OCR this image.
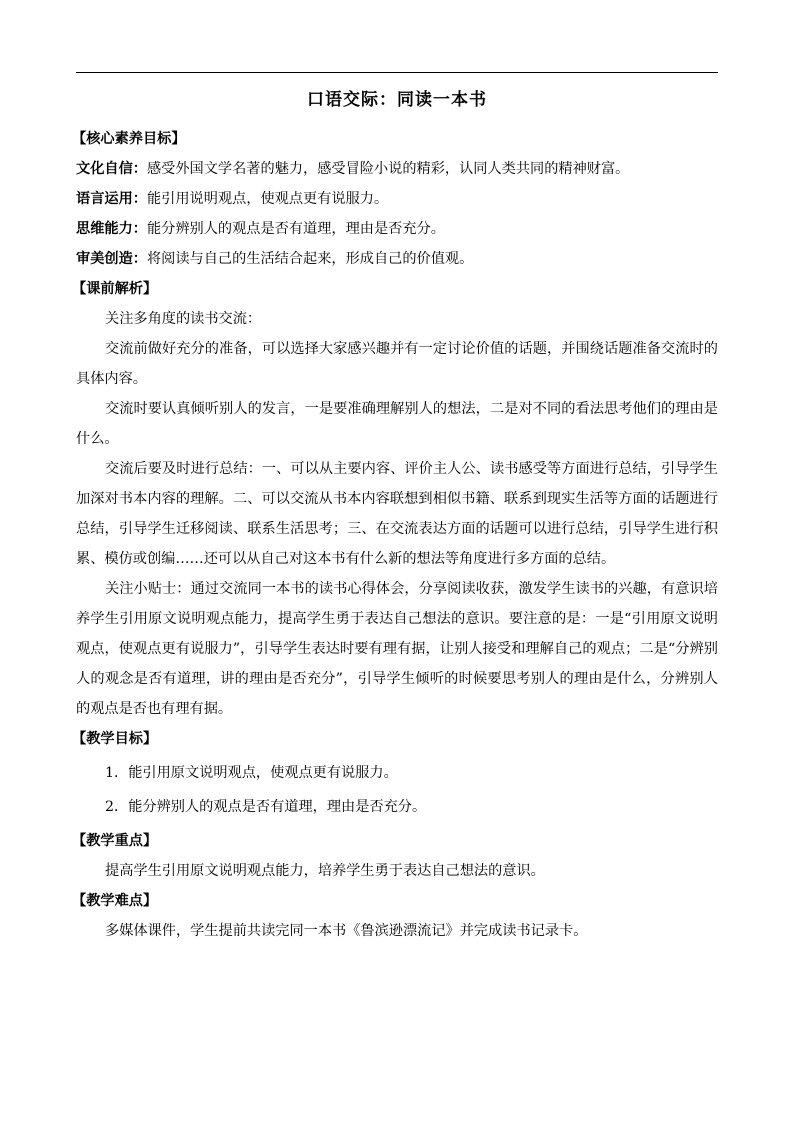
口语交际：同读一本书
【核心素养目标】
文化自信：感受外国文学名著的魅力，感受冒险小说的精彩，认同人类共同的精神财富。
语言运用：能引用说明观点，使观点更有说服力。
思维能力：能分辨别人的观点是否有道理，理由是否充分。
审美创造：将阅读与自己的生活结合起来，形成自己的价值观。
【课前解析】

关注多角度的读书交流：

交流前做好充分的准备，可以选择大家感兴趣并有一定讨论价值的话题，并围绕话题准备交流时的具体内容。

交流时要认真倾听别人的发言，一是要准确理解别人的想法，二是对不同的看法思考他们的理由是什么。

交流后要及时进行总结：一、可以从主要内容、评价主人公、读书感受等方面进行总结，引导学生加深对书本内容的理解。二、可以交流从书本内容联想到相似书籍、联系到现实生活等方面的话题进行总结，引导学生迁移阅读、联系生活思考；三、在交流表达方面的话题可以进行总结，引导学生进行积累、模仿或创编……还可以从自己对这本书有什么新的想法等角度进行多方面的总结。

关注小贴士：通过交流同一本书的读书心得体会，分享阅读收获，激发学生读书的兴趣，有意识培养学生引用原文说明观点能力，提高学生勇于表达自己想法的意识。要注意的是：一是“引用原文说明观点，使观点更有说服力”，引导学生表达时要有理有据，让别人接受和理解自己的观点；二是“分辨别人的观念是否有道理，讲的理由是否充分”，引导学生倾听的时候要思考别人的理由是什么，分辨别人的观点是否也有理有据。

【教学目标】
1．能引用原文说明观点，使观点更有说服力。
2．能分辨别人的观点是否有道理，理由是否充分。
【教学重点】

提高学生引用原文说明观点能力，培养学生勇于表达自己想法的意识。

【教学难点】

多媒体课件，学生提前共读完同一本书《鲁滨逊漂流记》并完成读书记录卡。
